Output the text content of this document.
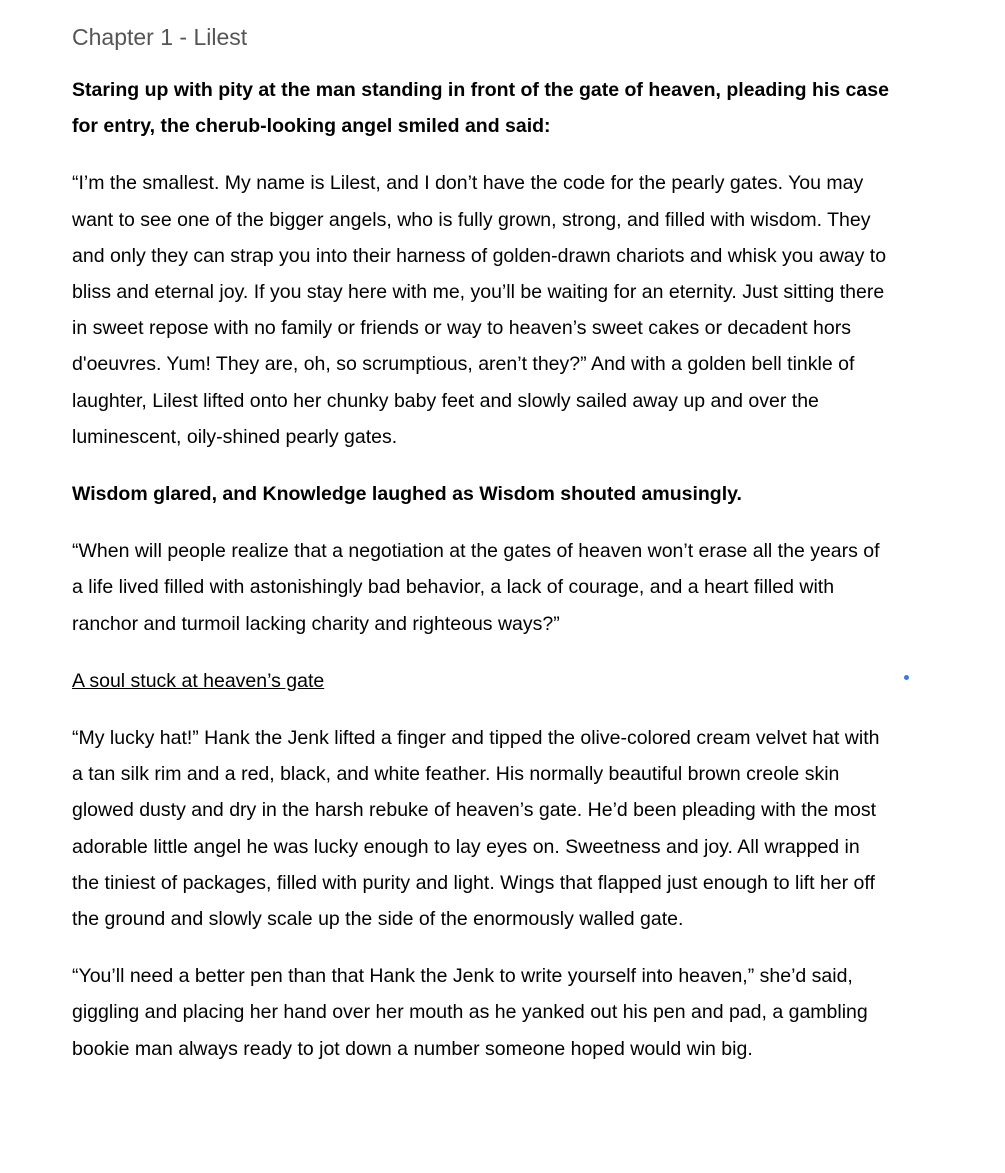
Chapter 1 - Lilest

Staring up with pity at the man standing in front of the gate of heaven, pleading his case for entry, the cherub-looking angel smiled and said:

“I’m the smallest. My name is Lilest, and I don’t have the code for the pearly gates. You may want to see one of the bigger angels, who is fully grown, strong, and filled with wisdom. They and only they can strap you into their harness of golden-drawn chariots and whisk you away to bliss and eternal joy. If you stay here with me, you’ll be waiting for an eternity. Just sitting there in sweet repose with no family or friends or way to heaven’s sweet cakes or decadent hors d'oeuvres. Yum! They are, oh, so scrumptious, aren’t they?” And with a golden bell tinkle of laughter, Lilest lifted onto her chunky baby feet and slowly sailed away up and over the luminescent, oily-shined pearly gates.

Wisdom glared, and Knowledge laughed as Wisdom shouted amusingly.

“When will people realize that a negotiation at the gates of heaven won’t erase all the years of a life lived filled with astonishingly bad behavior, a lack of courage, and a heart filled with ranchor and turmoil lacking charity and righteous ways?”

A soul stuck at heaven’s gate

“My lucky hat!” Hank the Jenk lifted a finger and tipped the olive-colored cream velvet hat with a tan silk rim and a red, black, and white feather. His normally beautiful brown creole skin glowed dusty and dry in the harsh rebuke of heaven’s gate. He’d been pleading with the most adorable little angel he was lucky enough to lay eyes on. Sweetness and joy. All wrapped in the tiniest of packages, filled with purity and light. Wings that flapped just enough to lift her off the ground and slowly scale up the side of the enormously walled gate.

“You’ll need a better pen than that Hank the Jenk to write yourself into heaven,” she’d said, giggling and placing her hand over her mouth as he yanked out his pen and pad, a gambling bookie man always ready to jot down a number someone hoped would win big.
